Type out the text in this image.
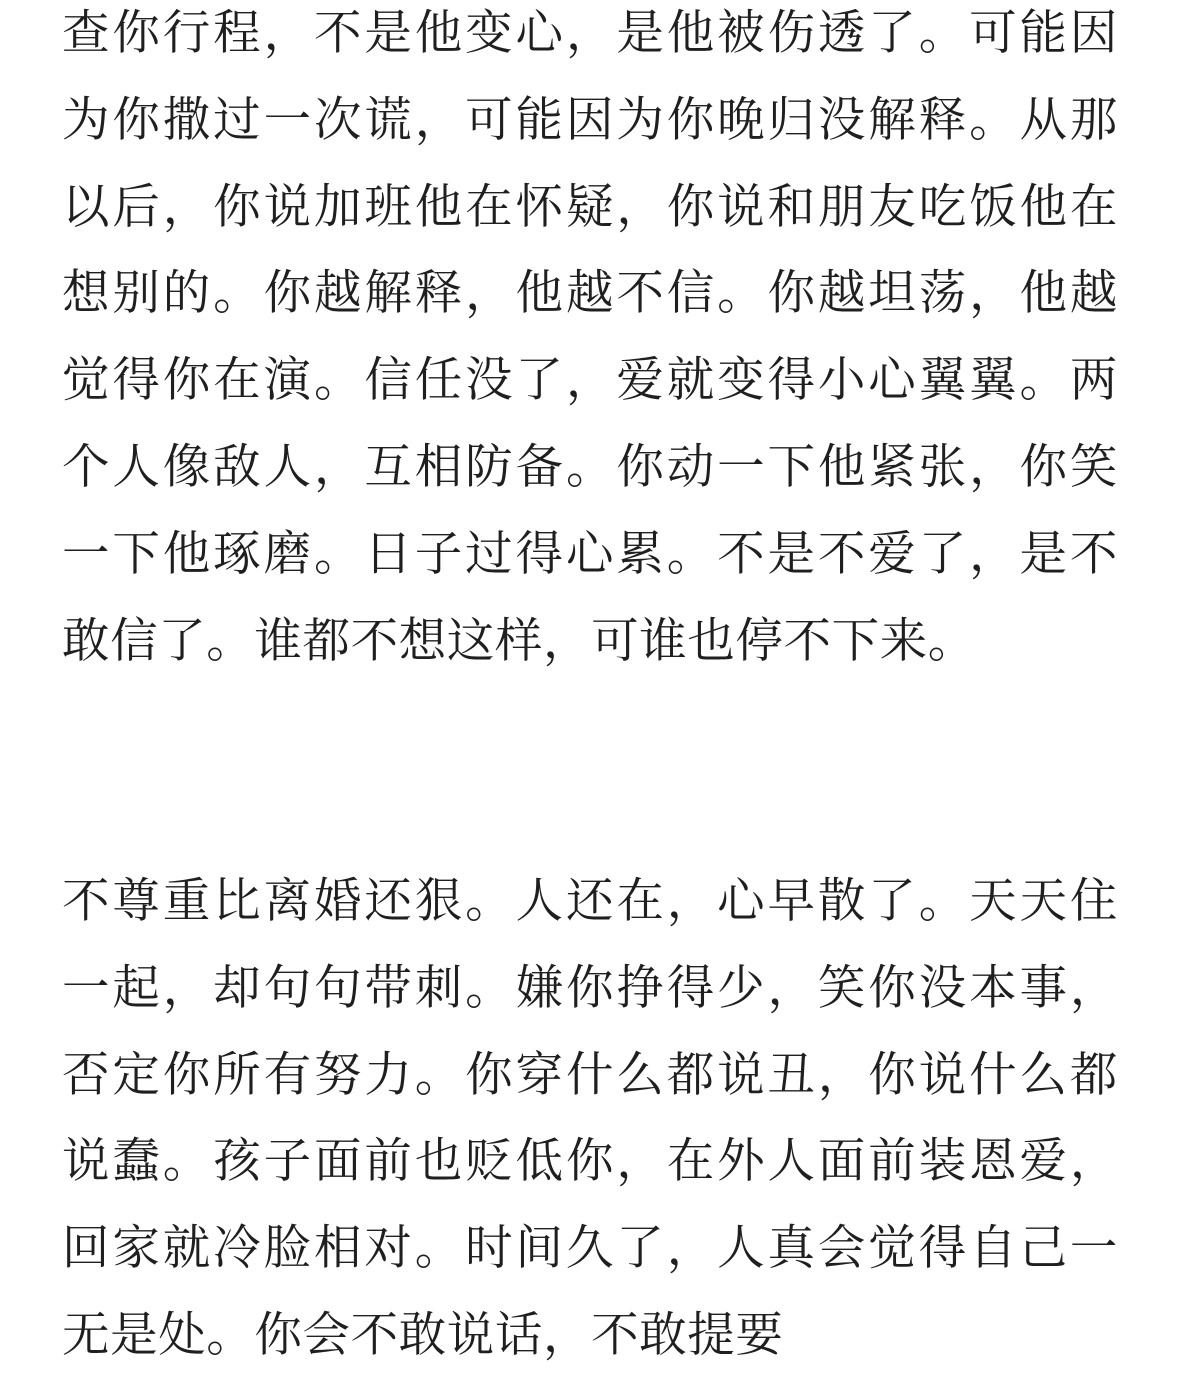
查你行程，不是他变心，是他被伤透了。可能因为你撒过一次谎，可能因为你晚归没解释。从那以后，你说加班他在怀疑，你说和朋友吃饭他在想别的。你越解释，他越不信。你越坦荡，他越觉得你在演。信任没了，爱就变得小心翼翼。两个人像敌人，互相防备。你动一下他紧张，你笑一下他琢磨。日子过得心累。不是不爱了，是不敢信了。谁都不想这样，可谁也停不下来。

不尊重比离婚还狠。人还在，心早散了。天天住一起，却句句带刺。嫌你挣得少，笑你没本事，否定你所有努力。你穿什么都说丑，你说什么都说蠢。孩子面前也贬低你，在外人面前装恩爱，回家就冷脸相对。时间久了，人真会觉得自己一无是处。你会不敢说话，不敢提要
